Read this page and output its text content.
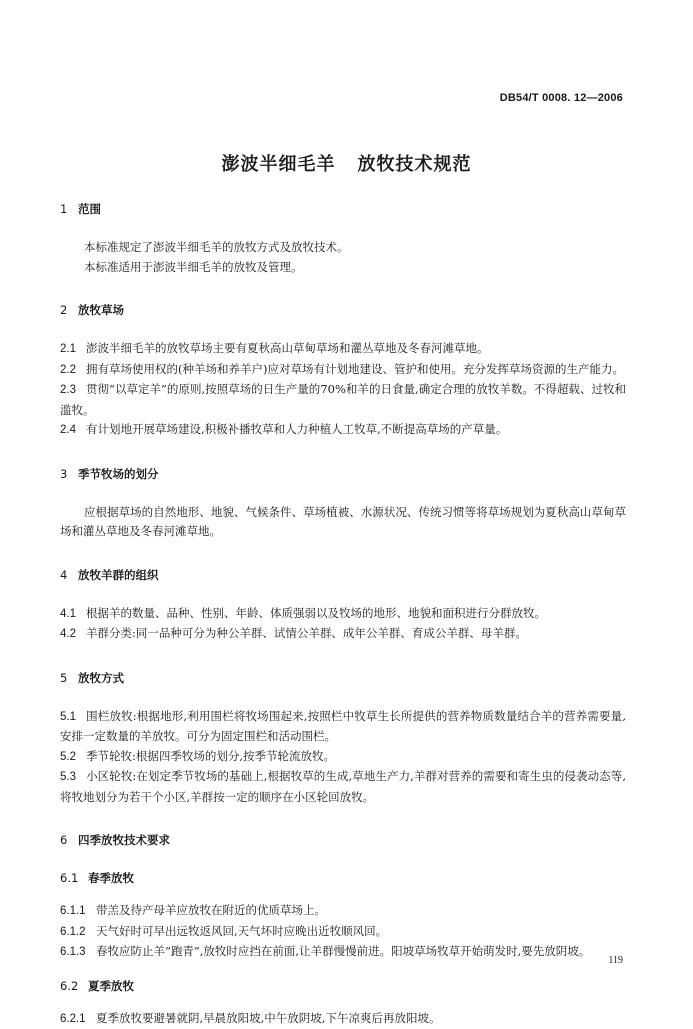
DB54/T 0008. 12—2006
澎波半细毛羊 放牧技术规范
1 范围

本标准规定了澎波半细毛羊的放牧方式及放牧技术。

本标准适用于澎波半细毛羊的放牧及管理。

2 放牧草场

2.1 澎波半细毛羊的放牧草场主要有夏秋高山草甸草场和灌丛草地及冬春河滩草地。

2.2 拥有草场使用权的(种羊场和养羊户)应对草场有计划地建设、管护和使用。充分发挥草场资源的生产能力。

2.3 贯彻“以草定羊”的原则,按照草场的日生产量的70%和羊的日食量,确定合理的放牧羊数。不得超载、过牧和滥牧。

2.4 有计划地开展草场建设,积极补播牧草和人力种植人工牧草,不断提高草场的产草量。

3 季节牧场的划分

应根据草场的自然地形、地貌、气候条件、草场植被、水源状况、传统习惯等将草场规划为夏秋高山草甸草场和灌丛草地及冬春河滩草地。

4 放牧羊群的组织

4.1 根据羊的数量、品种、性别、年龄、体质强弱以及牧场的地形、地貌和面积进行分群放牧。

4.2 羊群分类:同一品种可分为种公羊群、试情公羊群、成年公羊群、育成公羊群、母羊群。

5 放牧方式

5.1 围栏放牧:根据地形,利用围栏将牧场围起来,按照栏中牧草生长所提供的营养物质数量结合羊的营养需要量,安排一定数量的羊放牧。可分为固定围栏和活动围栏。

5.2 季节轮牧:根据四季牧场的划分,按季节轮流放牧。

5.3 小区轮牧:在划定季节牧场的基础上,根据牧草的生成,草地生产力,羊群对营养的需要和寄生虫的侵袭动态等,将牧地划分为若干个小区,羊群按一定的顺序在小区轮回放牧。

6 四季放牧技术要求
6.1 春季放牧

6.1.1 带羔及待产母羊应放牧在附近的优质草场上。

6.1.2 天气好时可早出远牧返风回,天气坏时应晚出近牧顺风回。

6.1.3 春牧应防止羊“跑青”,放牧时应挡在前面,让羊群慢慢前进。阳坡草场牧草开始萌发时,要先放阴坡。

6.2 夏季放牧

6.2.1 夏季放牧要避暑就阴,早晨放阳坡,中午放阴坡,下午凉爽后再放阳坡。

119
